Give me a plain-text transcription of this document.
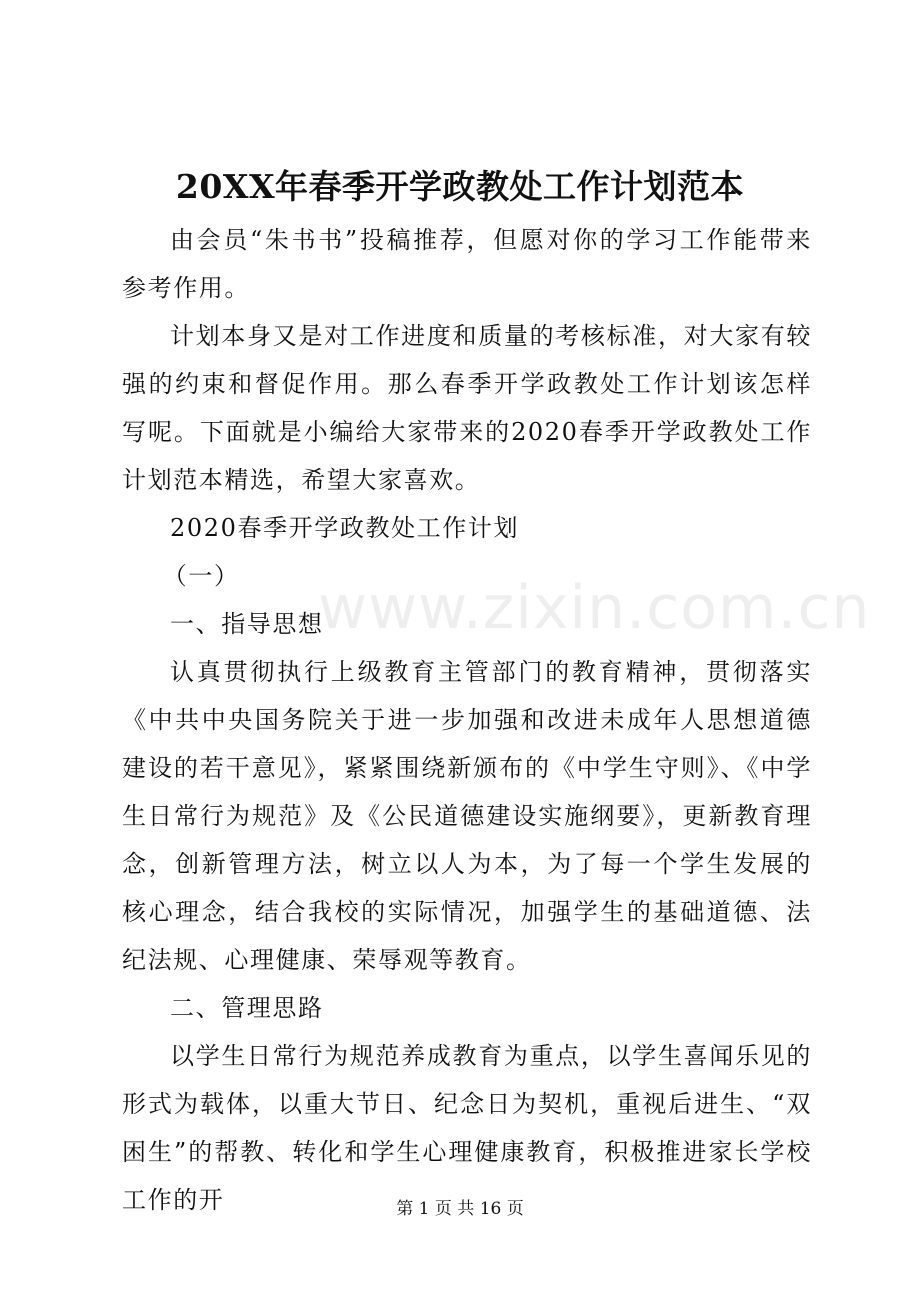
www.zixin.com.cn
20XX年春季开学政教处工作计划范本

由会员“朱书书”投稿推荐，但愿对你的学习工作能带来参考作用。

计划本身又是对工作进度和质量的考核标准，对大家有较强的约束和督促作用。那么春季开学政教处工作计划该怎样写呢。下面就是小编给大家带来的2020春季开学政教处工作计划范本精选，希望大家喜欢。

2020春季开学政教处工作计划

（一）

一、指导思想

认真贯彻执行上级教育主管部门的教育精神，贯彻落实《中共中央国务院关于进一步加强和改进未成年人思想道德建设的若干意见》，紧紧围绕新颁布的《中学生守则》、《中学生日常行为规范》及《公民道德建设实施纲要》，更新教育理念，创新管理方法，树立以人为本，为了每一个学生发展的核心理念，结合我校的实际情况，加强学生的基础道德、法纪法规、心理健康、荣辱观等教育。

二、管理思路

以学生日常行为规范养成教育为重点，以学生喜闻乐见的形式为载体，以重大节日、纪念日为契机，重视后进生、“双困生”的帮教、转化和学生心理健康教育，积极推进家长学校工作的开	第 1 页 共 16 页
